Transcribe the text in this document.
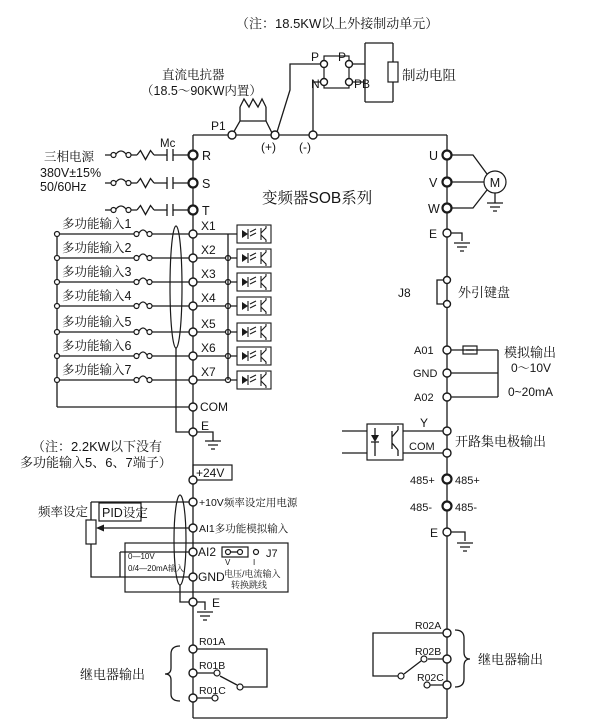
（注：18.5KW以上外接制动单元）
直流电抗器
（18.5～90KW内置）
P
N
P
PB
制动电阻
P1
(+) (-)
三相电源
380V±15%
50/60Hz
Mc
R
S
T
变频器SOB系列
多功能输入1	X1
多功能输入2	X2
多功能输入3	X3
多功能输入4	X4
多功能输入5	X5
多功能输入6	X6
多功能输入7	X7
COM
E
（注：2.2KW以下没有
多功能输入5、6、7端子）
+24V
频率设定 PID设定
+10V频率设定用电源
AI1多功能模拟输入
0—10V
0/4—20mA输入
V	I
J7
电压/电流输入
转换跳线
AI2
GND
E
R01A
R01B
R01C
继电器输出
M
U
V
W
E
J8	外引键盘
A01
GND
A02
模拟输出
0～10V
0~20mA
Y
COM 开路集电极输出
485+ 485+
485- 485-
E
R02A
R02B
R02C
继电器输出
